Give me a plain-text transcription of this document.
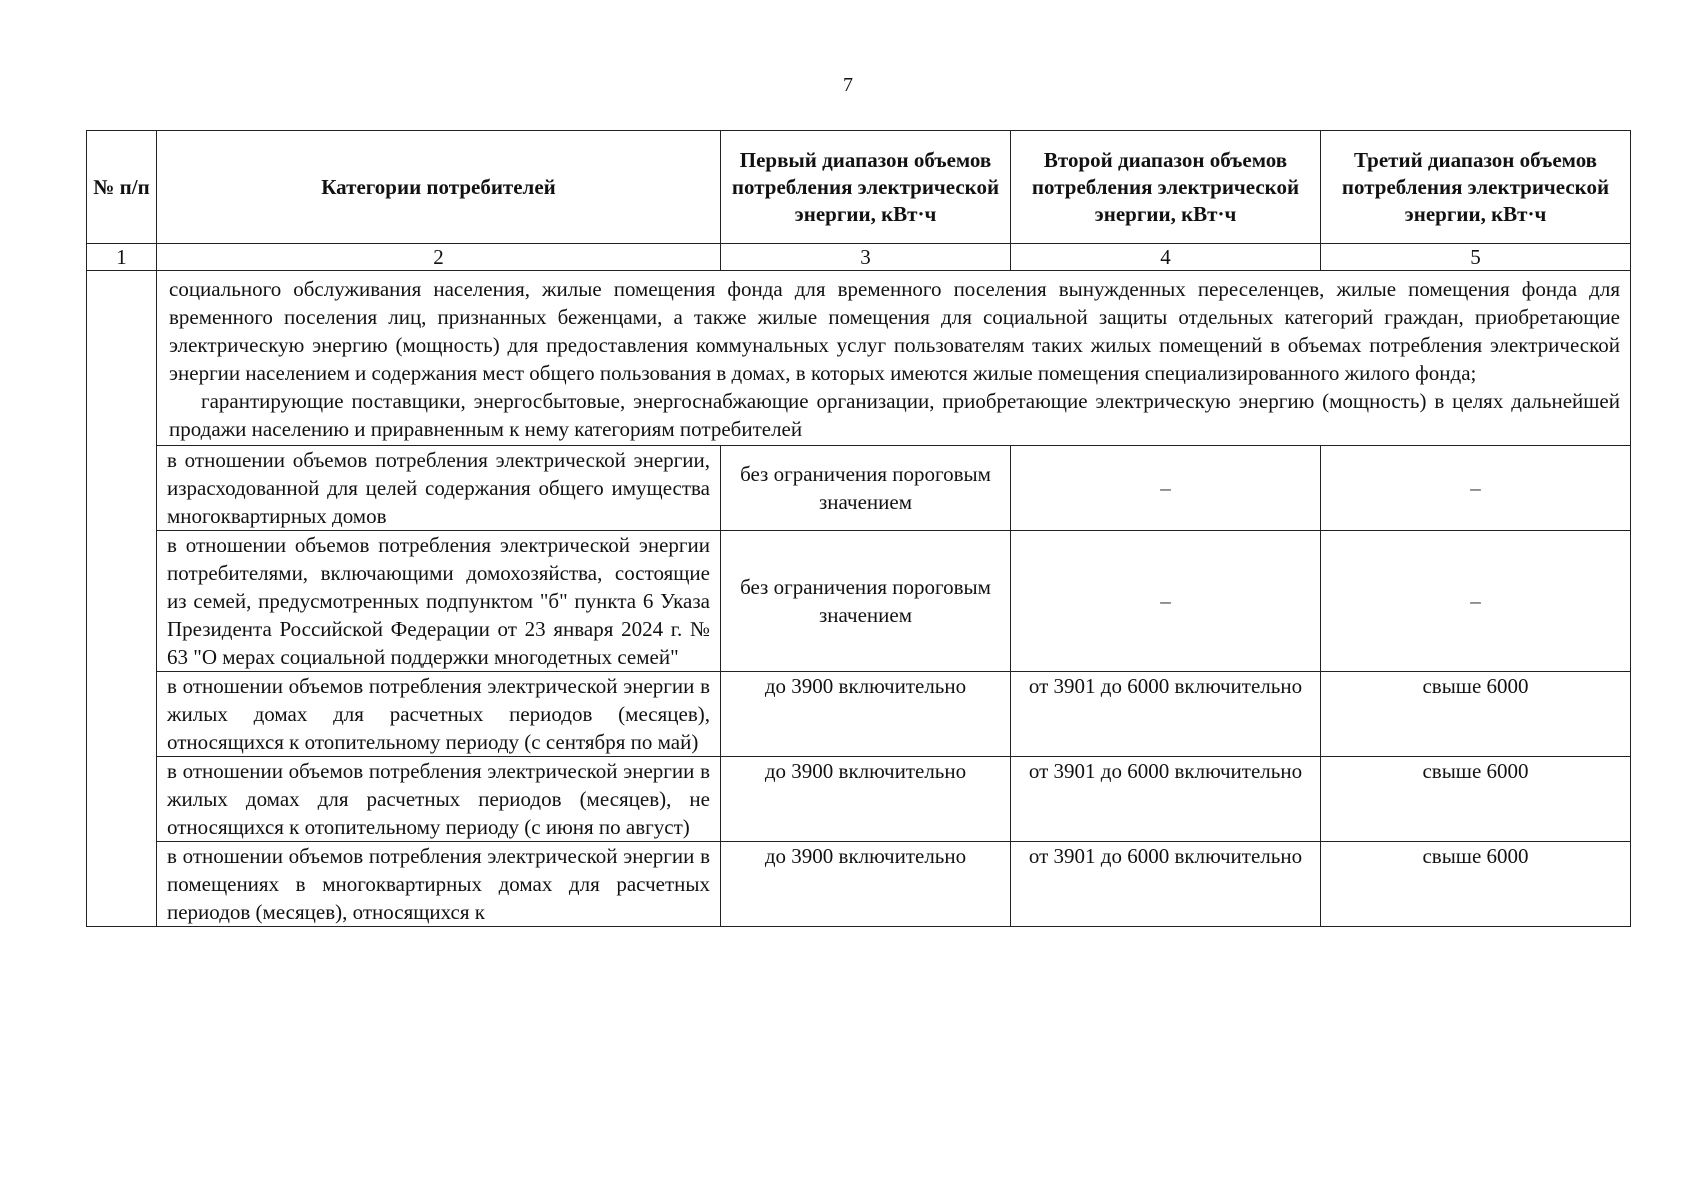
7
№ п/п	Категории потребителей	Первый диапазон объемов потребления электрической энергии, кВт·ч	Второй диапазон объемов потребления электрической энергии, кВт·ч	Третий диапазон объемов потребления электрической энергии, кВт·ч
1	2	3	4	5

	социального обслуживания населения, жилые помещения фонда для временного поселения вынужденных переселенцев, жилые помещения фонда для временного поселения лиц, признанных беженцами, а также жилые помещения для социальной защиты отдельных категорий граждан, приобретающие электрическую энергию (мощность) для предоставления коммунальных услуг пользователям таких жилых помещений в объемах потребления электрической энергии населением и содержания мест общего пользования в домах, в которых имеются жилые помещения специализированного жилого фонда;

гарантирующие поставщики, энергосбытовые, энергоснабжающие организации, приобретающие электрическую энергию (мощность) в целях дальнейшей продажи населению и приравненным к нему категориям потребителей			

	в отношении объемов потребления электрической энергии, израсходованной для целей содержания общего имущества многоквартирных домов	без ограничения пороговым значением	–	–
	в отношении объемов потребления электрической энергии потребителями, включающими домохозяйства, состоящие из семей, предусмотренных подпунктом "б" пункта 6 Указа Президента Российской Федерации от 23 января 2024 г. № 63 "О мерах социальной поддержки многодетных семей"	без ограничения пороговым значением	–	–
	в отношении объемов потребления электрической энергии в жилых домах для расчетных периодов (месяцев), относящихся к отопительному периоду (с сентября по май)	до 3900 включительно	от 3901 до 6000 включительно	свыше 6000
	в отношении объемов потребления электрической энергии в жилых домах для расчетных периодов (месяцев), не относящихся к отопительному периоду (с июня по август)	до 3900 включительно	от 3901 до 6000 включительно	свыше 6000
	в отношении объемов потребления электрической энергии в помещениях в многоквартирных домах для расчетных периодов (месяцев), относящихся к	до 3900 включительно	от 3901 до 6000 включительно	свыше 6000
